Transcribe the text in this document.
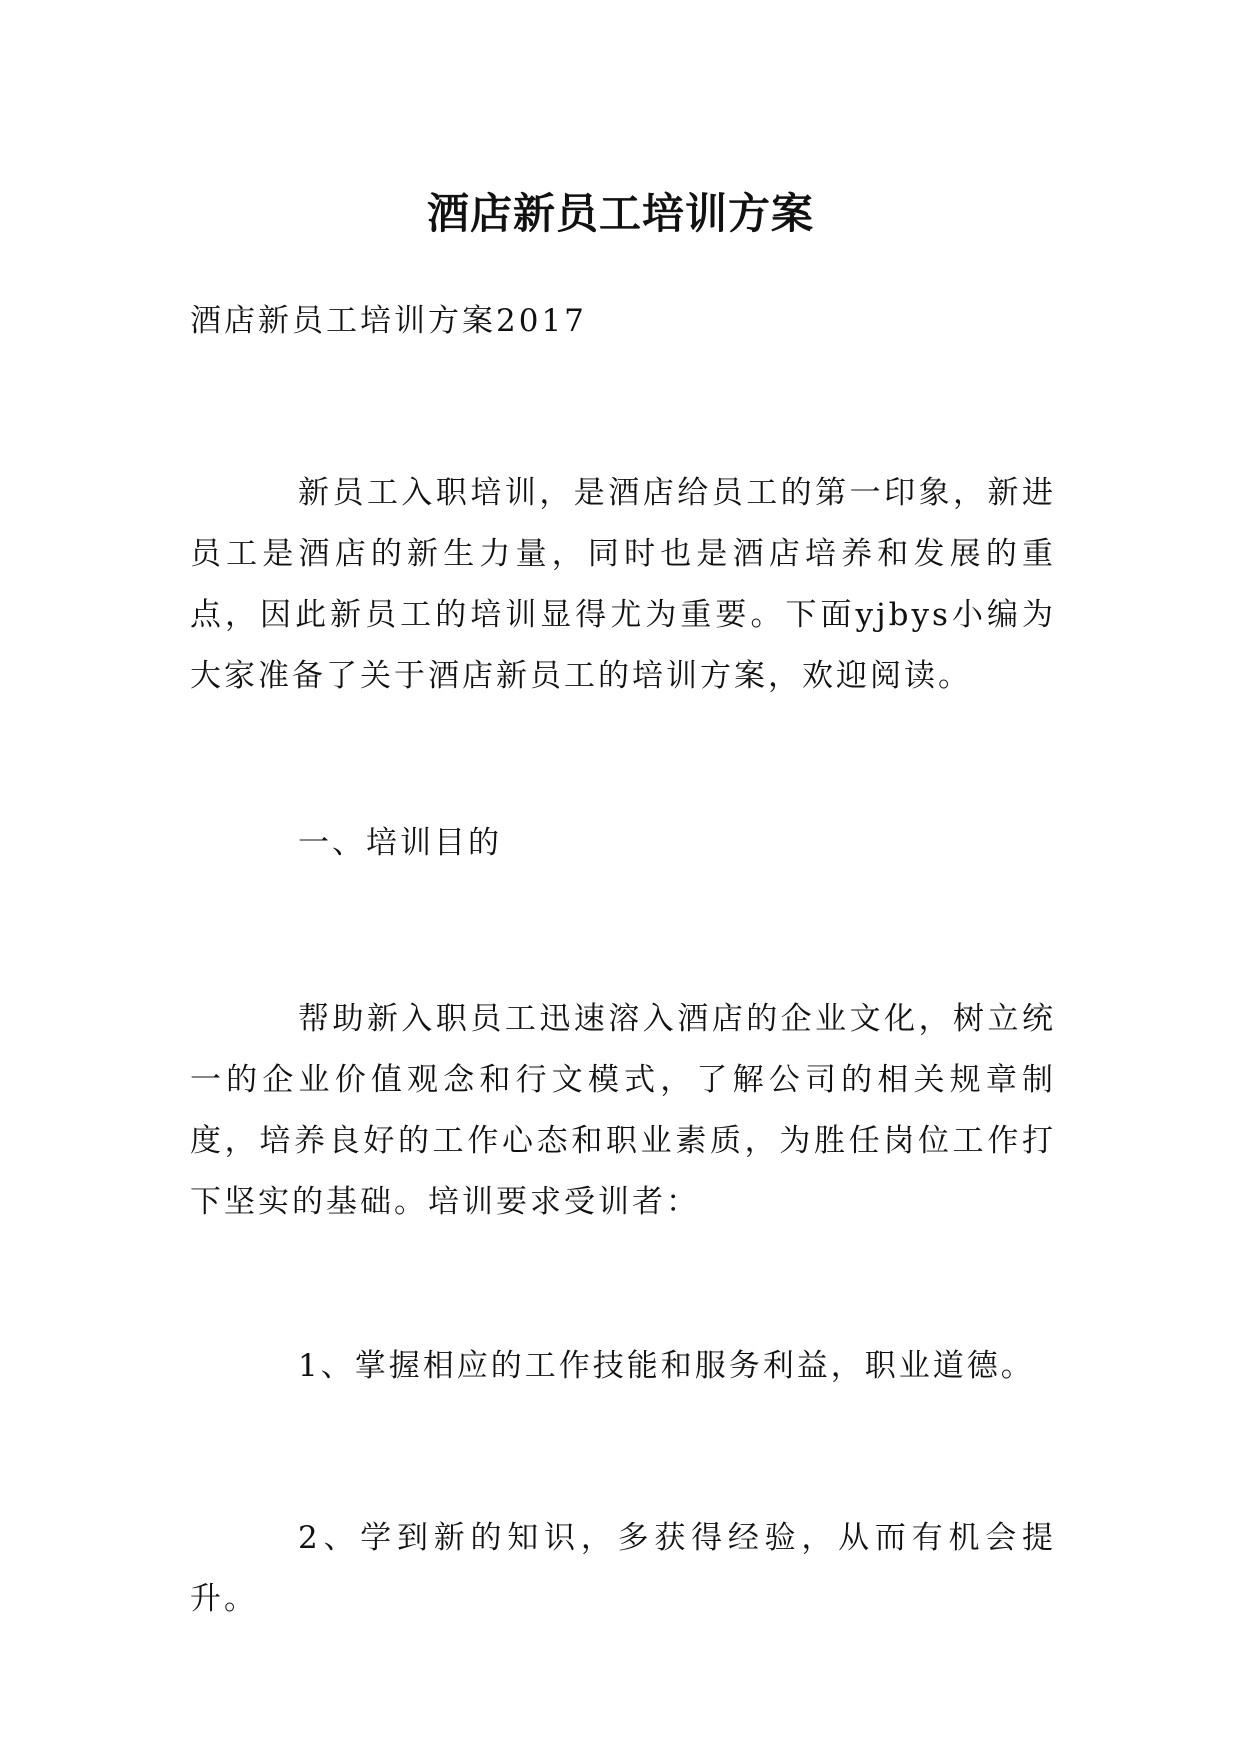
酒店新员工培训方案

酒店新员工培训方案2017

新员工入职培训，是酒店给员工的第一印象，新进员工是酒店的新生力量，同时也是酒店培养和发展的重点，因此新员工的培训显得尤为重要。下面yjbys小编为大家准备了关于酒店新员工的培训方案，欢迎阅读。

一、培训目的

帮助新入职员工迅速溶入酒店的企业文化，树立统一的企业价值观念和行文模式，了解公司的相关规章制度，培养良好的工作心态和职业素质，为胜任岗位工作打下坚实的基础。培训要求受训者：

1、掌握相应的工作技能和服务利益，职业道德。

2、学到新的知识，多获得经验，从而有机会提升。
